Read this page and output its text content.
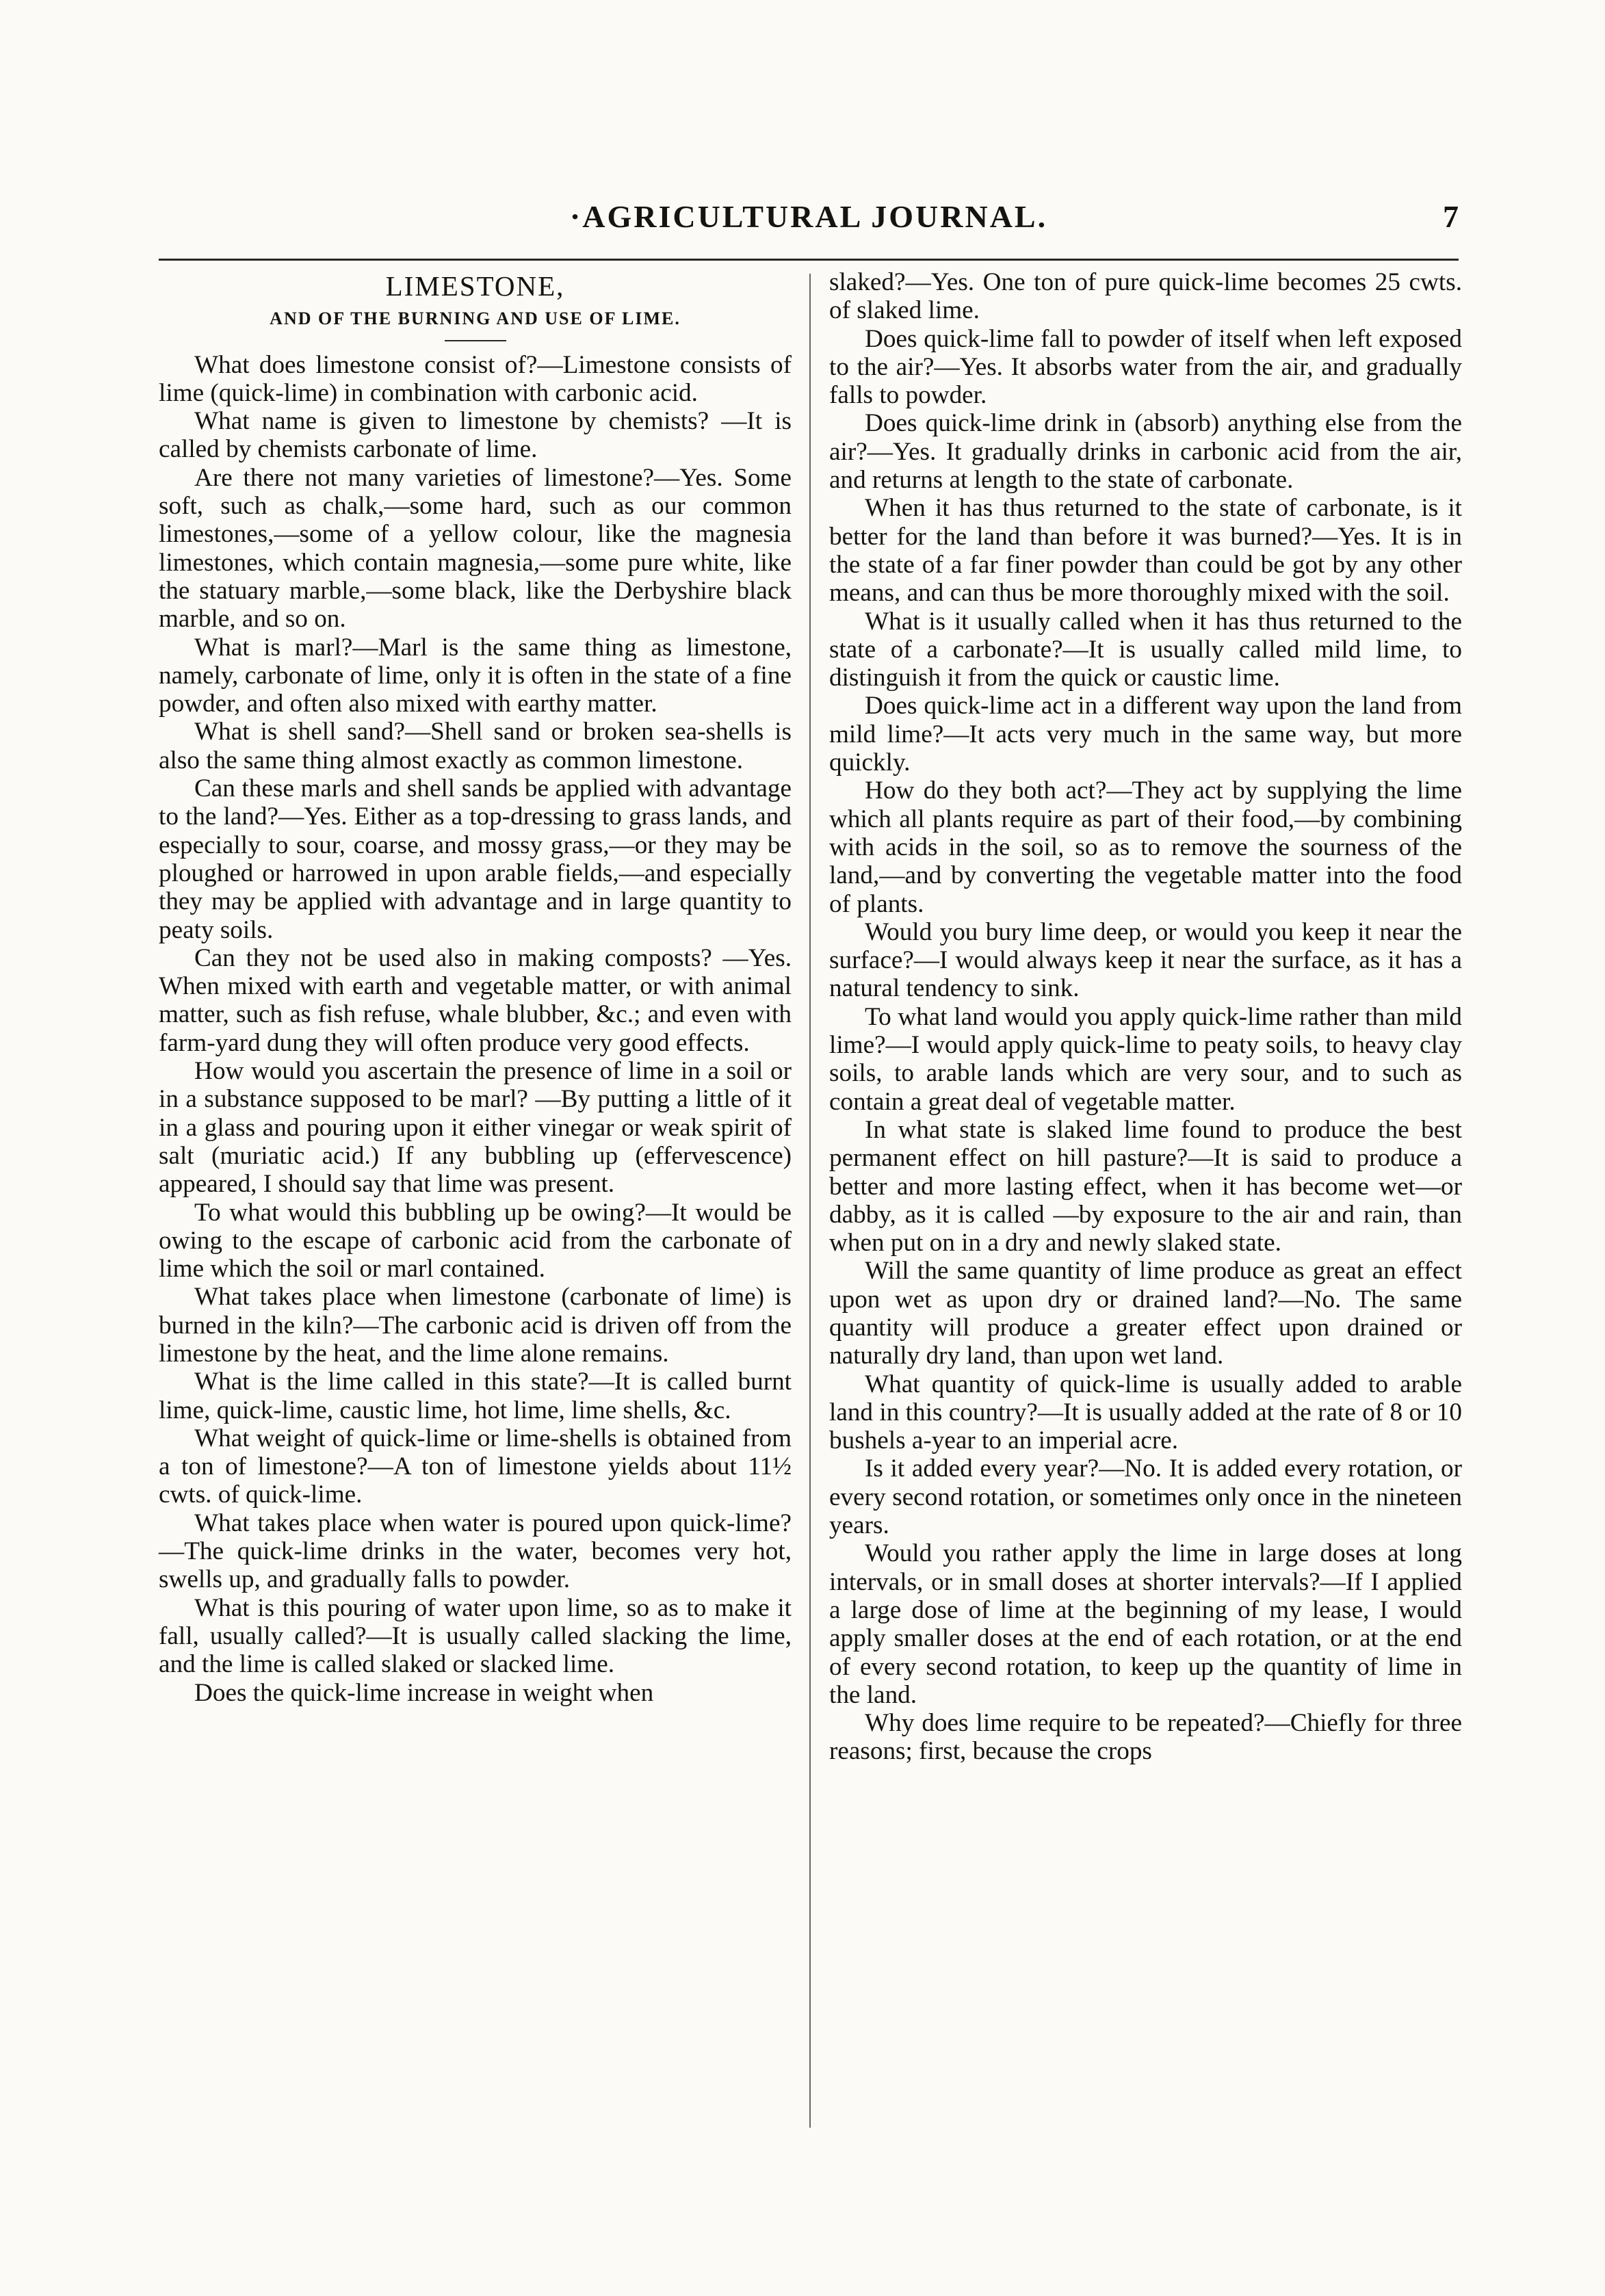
·AGRICULTURAL JOURNAL.	7
LIMESTONE,
AND OF THE BURNING AND USE OF LIME.

What does limestone consist of?—Limestone consists of lime (quick-lime) in combination with carbonic acid.

What name is given to limestone by chemists? —It is called by chemists carbonate of lime.

Are there not many varieties of limestone?—Yes. Some soft, such as chalk,—some hard, such as our common limestones,—some of a yellow colour, like the magnesia limestones, which contain magnesia,—some pure white, like the statuary marble,—some black, like the Derbyshire black marble, and so on.

What is marl?—Marl is the same thing as limestone, namely, carbonate of lime, only it is often in the state of a fine powder, and often also mixed with earthy matter.

What is shell sand?—Shell sand or broken sea-shells is also the same thing almost exactly as common limestone.

Can these marls and shell sands be applied with advantage to the land?—Yes. Either as a top-dressing to grass lands, and especially to sour, coarse, and mossy grass,—or they may be ploughed or harrowed in upon arable fields,—and especially they may be applied with advantage and in large quantity to peaty soils.

Can they not be used also in making composts? —Yes. When mixed with earth and vegetable matter, or with animal matter, such as fish refuse, whale blubber, &c.; and even with farm-yard dung they will often produce very good effects.

How would you ascertain the presence of lime in a soil or in a substance supposed to be marl? —By putting a little of it in a glass and pouring upon it either vinegar or weak spirit of salt (muriatic acid.) If any bubbling up (effervescence) appeared, I should say that lime was present.

To what would this bubbling up be owing?—It would be owing to the escape of carbonic acid from the carbonate of lime which the soil or marl contained.

What takes place when limestone (carbonate of lime) is burned in the kiln?—The carbonic acid is driven off from the limestone by the heat, and the lime alone remains.

What is the lime called in this state?—It is called burnt lime, quick-lime, caustic lime, hot lime, lime shells, &c.

What weight of quick-lime or lime-shells is obtained from a ton of limestone?—A ton of limestone yields about 11½ cwts. of quick-lime.

What takes place when water is poured upon quick-lime?—The quick-lime drinks in the water, becomes very hot, swells up, and gradually falls to powder.

What is this pouring of water upon lime, so as to make it fall, usually called?—It is usually called slacking the lime, and the lime is called slaked or slacked lime.

Does the quick-lime increase in weight when

slaked?—Yes. One ton of pure quick-lime becomes 25 cwts. of slaked lime.

Does quick-lime fall to powder of itself when left exposed to the air?—Yes. It absorbs water from the air, and gradually falls to powder.

Does quick-lime drink in (absorb) anything else from the air?—Yes. It gradually drinks in carbonic acid from the air, and returns at length to the state of carbonate.

When it has thus returned to the state of carbonate, is it better for the land than before it was burned?—Yes. It is in the state of a far finer powder than could be got by any other means, and can thus be more thoroughly mixed with the soil.

What is it usually called when it has thus returned to the state of a carbonate?—It is usually called mild lime, to distinguish it from the quick or caustic lime.

Does quick-lime act in a different way upon the land from mild lime?—It acts very much in the same way, but more quickly.

How do they both act?—They act by supplying the lime which all plants require as part of their food,—by combining with acids in the soil, so as to remove the sourness of the land,—and by converting the vegetable matter into the food of plants.

Would you bury lime deep, or would you keep it near the surface?—I would always keep it near the surface, as it has a natural tendency to sink.

To what land would you apply quick-lime rather than mild lime?—I would apply quick-lime to peaty soils, to heavy clay soils, to arable lands which are very sour, and to such as contain a great deal of vegetable matter.

In what state is slaked lime found to produce the best permanent effect on hill pasture?—It is said to produce a better and more lasting effect, when it has become wet—or dabby, as it is called —by exposure to the air and rain, than when put on in a dry and newly slaked state.

Will the same quantity of lime produce as great an effect upon wet as upon dry or drained land?—No. The same quantity will produce a greater effect upon drained or naturally dry land, than upon wet land.

What quantity of quick-lime is usually added to arable land in this country?—It is usually added at the rate of 8 or 10 bushels a-year to an imperial acre.

Is it added every year?—No. It is added every rotation, or every second rotation, or sometimes only once in the nineteen years.

Would you rather apply the lime in large doses at long intervals, or in small doses at shorter intervals?—If I applied a large dose of lime at the beginning of my lease, I would apply smaller doses at the end of each rotation, or at the end of every second rotation, to keep up the quantity of lime in the land.

Why does lime require to be repeated?—Chiefly for three reasons; first, because the crops
